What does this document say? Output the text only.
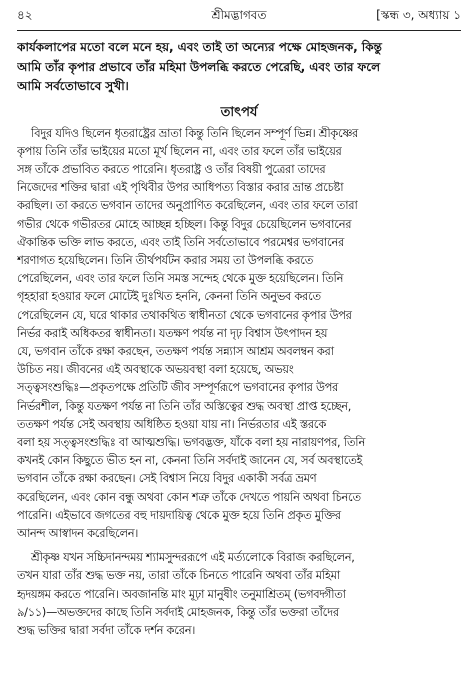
৪২	শ্রীমদ্ভাগবত	[স্কন্ধ ৩, অধ্যায় ১
কার্যকলাপের মতো বলে মনে হয়, এবং তাই তা অন্যের পক্ষে মোহজনক, কিন্তু
আমি তাঁর কৃপার প্রভাবে তাঁর মহিমা উপলব্ধি করতে পেরেছি, এবং তার ফলে
আমি সর্বতোভাবে সুখী।
তাৎপর্য
বিদুর যদিও ছিলেন ধৃতরাষ্ট্রের ভ্রাতা কিন্তু তিনি ছিলেন সম্পূর্ণ ভিন্ন। শ্রীকৃষ্ণের
কৃপায় তিনি তাঁর ভাইয়ের মতো মূর্খ ছিলেন না, এবং তার ফলে তাঁর ভাইয়ের
সঙ্গ তাঁকে প্রভাবিত করতে পারেনি। ধৃতরাষ্ট্র ও তাঁর বিষয়ী পুত্রেরা তাদের
নিজেদের শক্তির দ্বারা এই পৃথিবীর উপর আধিপত্য বিস্তার করার ভ্রান্ত প্রচেষ্টা
করছিল। তা করতে ভগবান তাদের অনুপ্রাণিত করেছিলেন, এবং তার ফলে তারা
গভীর থেকে গভীরতর মোহে আচ্ছন্ন হচ্ছিল। কিন্তু বিদুর চেয়েছিলেন ভগবানের
ঐকান্তিক ভক্তি লাভ করতে, এবং তাই তিনি সর্বতোভাবে পরমেশ্বর ভগবানের
শরণাগত হয়েছিলেন। তিনি তীর্থপর্যটন করার সময় তা উপলব্ধি করতে
পেরেছিলেন, এবং তার ফলে তিনি সমস্ত সন্দেহ থেকে মুক্ত হয়েছিলেন। তিনি
গৃহহারা হওয়ার ফলে মোটেই দুঃখিত হননি, কেননা তিনি অনুভব করতে
পেরেছিলেন যে, ঘরে থাকার তথাকথিত স্বাধীনতা থেকে ভগবানের কৃপার উপর
নির্ভর করাই অধিকতর স্বাধীনতা। যতক্ষণ পর্যন্ত না দৃঢ় বিশ্বাস উৎপাদন হয়
যে, ভগবান তাঁকে রক্ষা করছেন, ততক্ষণ পর্যন্ত সন্ন্যাস আশ্রম অবলম্বন করা
উচিত নয়। জীবনের এই অবস্থাকে অভয়বস্থা বলা হয়েছে, অভয়ং
সত্ত্বসংশুদ্ধিঃ—প্রকৃতপক্ষে প্রতিটি জীব সম্পূর্ণরূপে ভগবানের কৃপার উপর
নির্ভরশীল, কিন্তু যতক্ষণ পর্যন্ত না তিনি তাঁর অস্তিত্বের শুদ্ধ অবস্থা প্রাপ্ত হচ্ছেন,
ততক্ষণ পর্যন্ত সেই অবস্থায় অধিষ্ঠিত হওয়া যায় না। নির্ভরতার এই স্তরকে
বলা হয় সত্ত্বসংশুদ্ধিঃ বা আত্মশুদ্ধি। ভগবদ্ভক্ত, যাঁকে বলা হয় নারায়ণপর, তিনি
কখনই কোন কিছুতে ভীত হন না, কেননা তিনি সর্বদাই জানেন যে, সর্ব অবস্থাতেই
ভগবান তাঁকে রক্ষা করছেন। সেই বিশ্বাস নিয়ে বিদুর একাকী সর্বত্র ভ্রমণ
করেছিলেন, এবং কোন বন্ধু অথবা কোন শত্রু তাঁকে দেখতে পায়নি অথবা চিনতে
পারেনি। এইভাবে জগতের বহু দায়দায়িত্ব থেকে মুক্ত হয়ে তিনি প্রকৃত মুক্তির
আনন্দ আস্বাদন করেছিলেন।
শ্রীকৃষ্ণ যখন সচ্চিদানন্দময় শ্যামসুন্দররূপে এই মর্ত্যলোকে বিরাজ করছিলেন,
তখন যারা তাঁর শুদ্ধ ভক্ত নয়, তারা তাঁকে চিনতে পারেনি অথবা তাঁর মহিমা
হৃদয়ঙ্গম করতে পারেনি। অবজানন্তি মাং মূঢ়া মানুষীং তনুমাশ্রিতম্ (ভগবদ্গীতা
৯/১১)—অভক্তদের কাছে তিনি সর্বদাই মোহজনক, কিন্তু তাঁর ভক্তরা তাঁদের
শুদ্ধ ভক্তির দ্বারা সর্বদা তাঁকে দর্শন করেন।
